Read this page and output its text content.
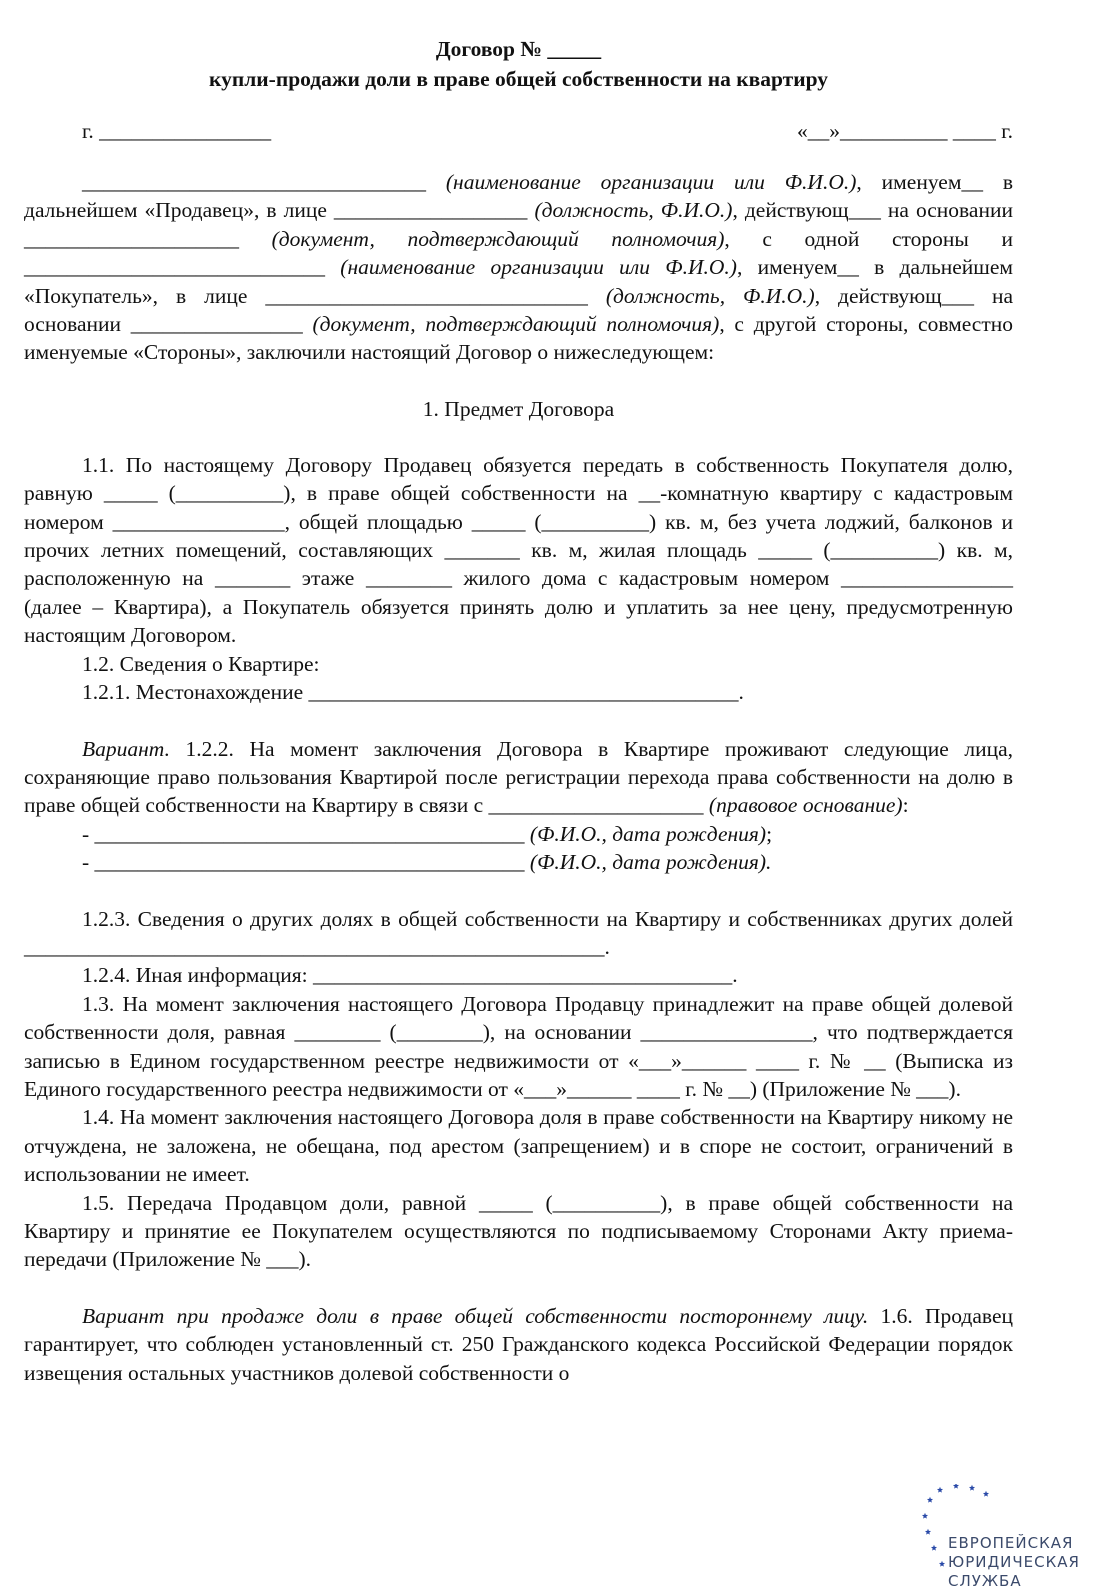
Договор № _____

купли-продажи доли в праве общей собственности на квартиру

г. ________________	«__»__________ ____ г.

________________________________ (наименование организации или Ф.И.О.), именуем__ в дальнейшем «Продавец», в лице __________________ (должность, Ф.И.О.), действующ___ на основании ____________________ (документ, подтверждающий полномочия), с одной стороны и ____________________________ (наименование организации или Ф.И.О.), именуем__ в дальнейшем «Покупатель», в лице ______________________________ (должность, Ф.И.О.), действующ___ на основании ________________ (документ, подтверждающий полномочия), с другой стороны, совместно именуемые «Стороны», заключили настоящий Договор о нижеследующем:

1. Предмет Договора

1.1. По настоящему Договору Продавец обязуется передать в собственность Покупателя долю, равную _____ (__________), в праве общей собственности на __-комнатную квартиру с кадастровым номером ________________, общей площадью _____ (__________) кв. м, без учета лоджий, балконов и прочих летних помещений, составляющих _______ кв. м, жилая площадь _____ (__________) кв. м, расположенную на _______ этаже ________ жилого дома с кадастровым номером ________________ (далее – Квартира), а Покупатель обязуется принять долю и уплатить за нее цену, предусмотренную настоящим Договором.

1.2. Сведения о Квартире:

1.2.1. Местонахождение ________________________________________.

Вариант. 1.2.2. На момент заключения Договора в Квартире проживают следующие лица, сохраняющие право пользования Квартирой после регистрации перехода права собственности на долю в праве общей собственности на Квартиру в связи с ____________________ (правовое основание):

- ________________________________________ (Ф.И.О., дата рождения);

- ________________________________________ (Ф.И.О., дата рождения).

1.2.3. Сведения о других долях в общей собственности на Квартиру и собственниках других долей ______________________________________________________.

1.2.4. Иная информация: _______________________________________.

1.3. На момент заключения настоящего Договора Продавцу принадлежит на праве общей долевой собственности доля, равная ________ (________), на основании ________________, что подтверждается записью в Едином государственном реестре недвижимости от «___»______ ____ г. № __ (Выписка из Единого государственного реестра недвижимости от «___»______ ____ г. № __) (Приложение № ___).

1.4. На момент заключения настоящего Договора доля в праве собственности на Квартиру никому не отчуждена, не заложена, не обещана, под арестом (запрещением) и в споре не состоит, ограничений в использовании не имеет.

1.5. Передача Продавцом доли, равной _____ (__________), в праве общей собственности на Квартиру и принятие ее Покупателем осуществляются по подписываемому Сторонами Акту приема-передачи (Приложение № ___).

Вариант при продаже доли в праве общей собственности постороннему лицу. 1.6. Продавец гарантирует, что соблюден установленный ст. 250 Гражданского кодекса Российской Федерации порядок извещения остальных участников долевой собственности о

ЕВРОПЕЙСКАЯ
ЮРИДИЧЕСКАЯ
СЛУЖБА
